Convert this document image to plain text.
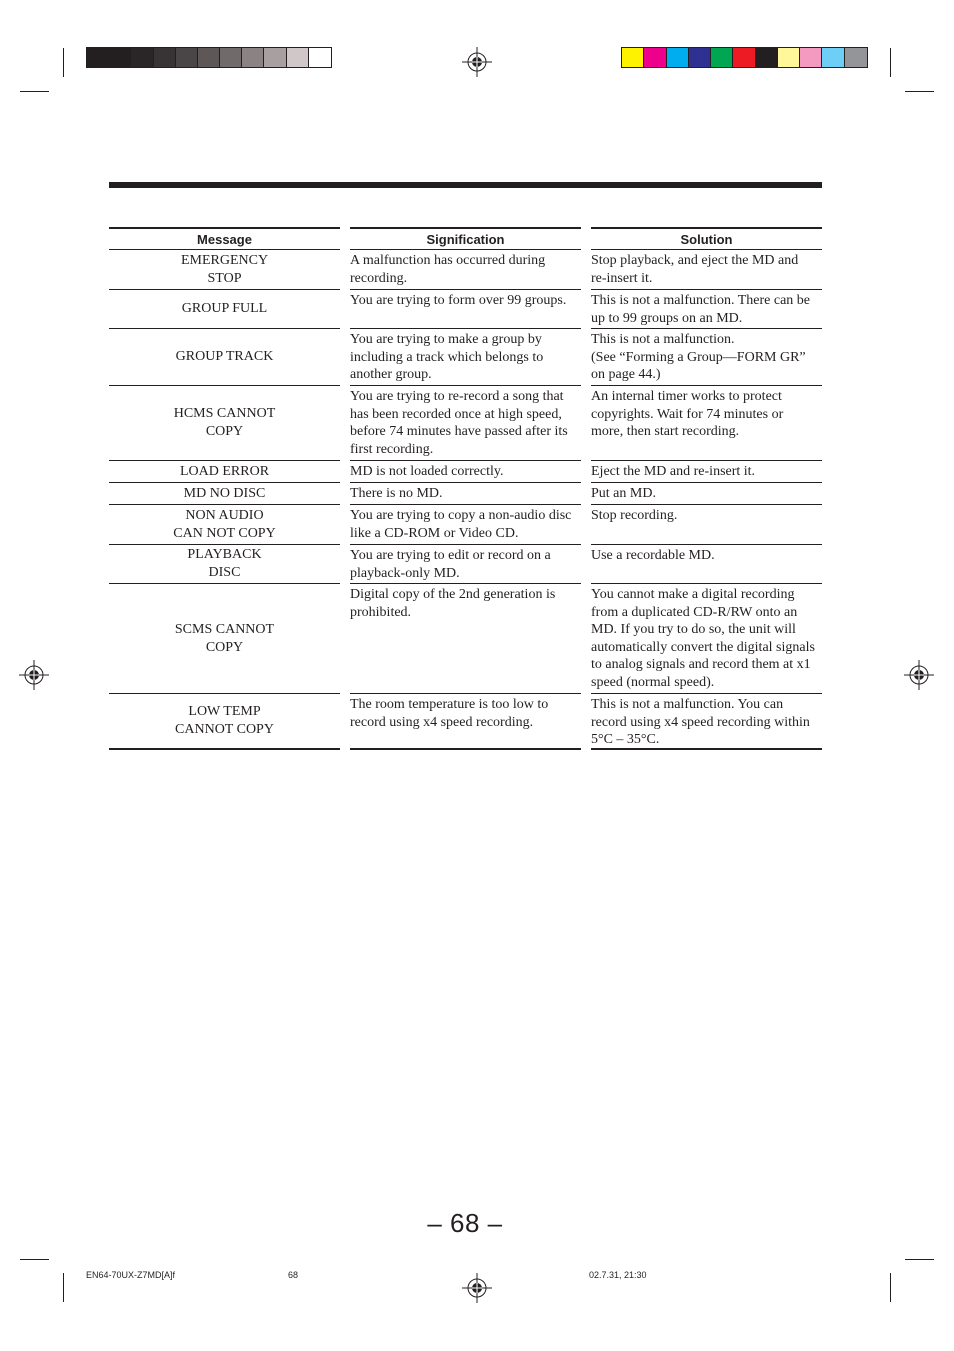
Message
EMERGENCY
STOP
GROUP FULL
GROUP TRACK
HCMS CANNOT
COPY
LOAD ERROR
MD NO DISC
NON AUDIO
CAN NOT COPY
PLAYBACK
DISC
SCMS CANNOT
COPY
LOW TEMP
CANNOT COPY
Signification
A malfunction has occurred during
recording.
You are trying to form over 99 groups.
You are trying to make a group by
including a track which belongs to
another group.
You are trying to re-record a song that
has been recorded once at high speed,
before 74 minutes have passed after its
first recording.
MD is not loaded correctly.
There is no MD.
You are trying to copy a non-audio disc
like a CD-ROM or Video CD.
You are trying to edit or record on a
playback-only MD.
Digital copy of the 2nd generation is
prohibited.
The room temperature is too low to
record using x4 speed recording.
Solution
Stop playback, and eject the MD and
re-insert it.
This is not a malfunction. There can be
up to 99 groups on an MD.
This is not a malfunction.
(See “Forming a Group—FORM GR”
on page 44.)
An internal timer works to protect
copyrights. Wait for 74 minutes or
more, then start recording.
Eject the MD and re-insert it.
Put an MD.
Stop recording.
Use a recordable MD.
You cannot make a digital recording
from a duplicated CD-R/RW onto an
MD. If you try to do so, the unit will
automatically convert the digital signals
to analog signals and record them at x1
speed (normal speed).
This is not a malfunction. You can
record using x4 speed recording within
5°C – 35°C.
– 68 –
EN64-70UX-Z7MD[A]f	68	02.7.31, 21:30
